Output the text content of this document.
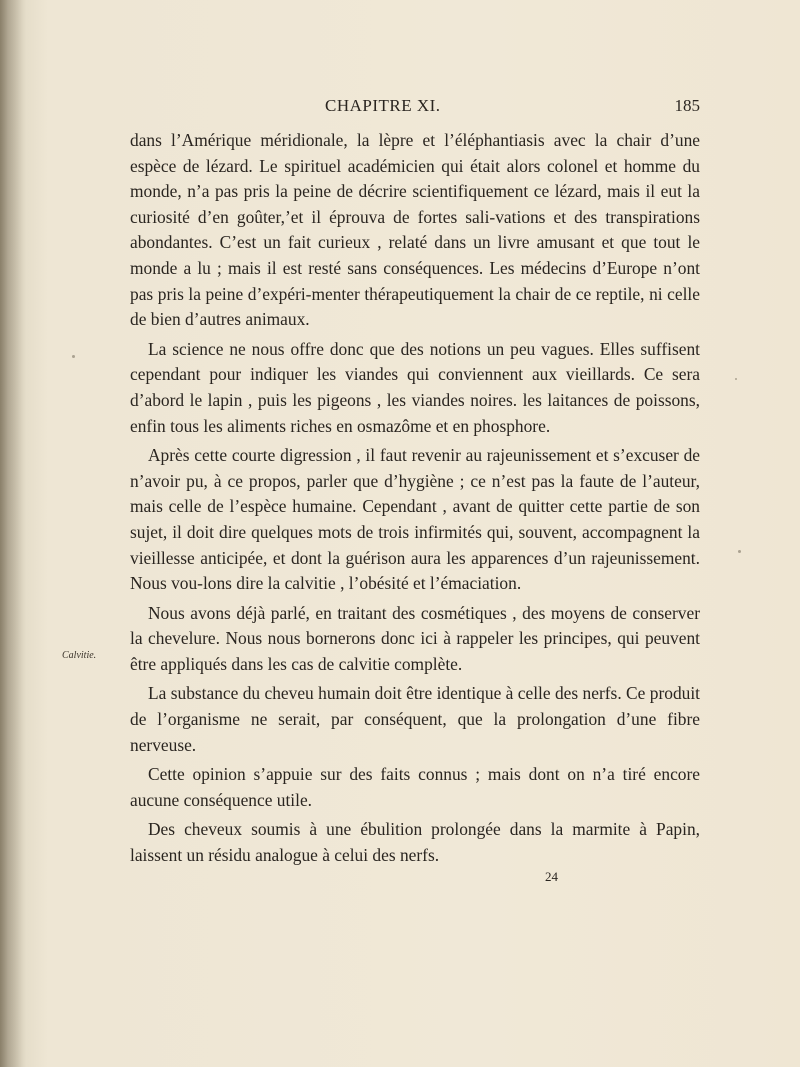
CHAPITRE XI.	185
Calvitie.

dans l’Amérique méridionale, la lèpre et l’éléphantiasis avec la chair d’une espèce de lézard. Le spirituel académicien qui était alors colonel et homme du monde, n’a pas pris la peine de décrire scientifiquement ce lézard, mais il eut la curiosité d’en goûter,’et il éprouva de fortes sali-vations et des transpirations abondantes. C’est un fait curieux , relaté dans un livre amusant et que tout le monde a lu ; mais il est resté sans conséquences. Les médecins d’Europe n’ont pas pris la peine d’expéri-menter thérapeutiquement la chair de ce reptile, ni celle de bien d’autres animaux.

La science ne nous offre donc que des notions un peu vagues. Elles suffisent cependant pour indiquer les viandes qui conviennent aux vieillards. Ce sera d’abord le lapin , puis les pigeons , les viandes noires. les laitances de poissons, enfin tous les aliments riches en osmazôme et en phosphore.

Après cette courte digression , il faut revenir au rajeunissement et s’excuser de n’avoir pu, à ce propos, parler que d’hygiène ; ce n’est pas la faute de l’auteur, mais celle de l’espèce humaine. Cependant , avant de quitter cette partie de son sujet, il doit dire quelques mots de trois infirmités qui, souvent, accompagnent la vieillesse anticipée, et dont la guérison aura les apparences d’un rajeunissement. Nous vou-lons dire la calvitie , l’obésité et l’émaciation.

Nous avons déjà parlé, en traitant des cosmétiques , des moyens de conserver la chevelure. Nous nous bornerons donc ici à rappeler les principes, qui peuvent être appliqués dans les cas de calvitie complète.

La substance du cheveu humain doit être identique à celle des nerfs. Ce produit de l’organisme ne serait, par conséquent, que la prolongation d’une fibre nerveuse.

Cette opinion s’appuie sur des faits connus ; mais dont on n’a tiré encore aucune conséquence utile.

Des cheveux soumis à une ébulition prolongée dans la marmite à Papin, laissent un résidu analogue à celui des nerfs.

24
